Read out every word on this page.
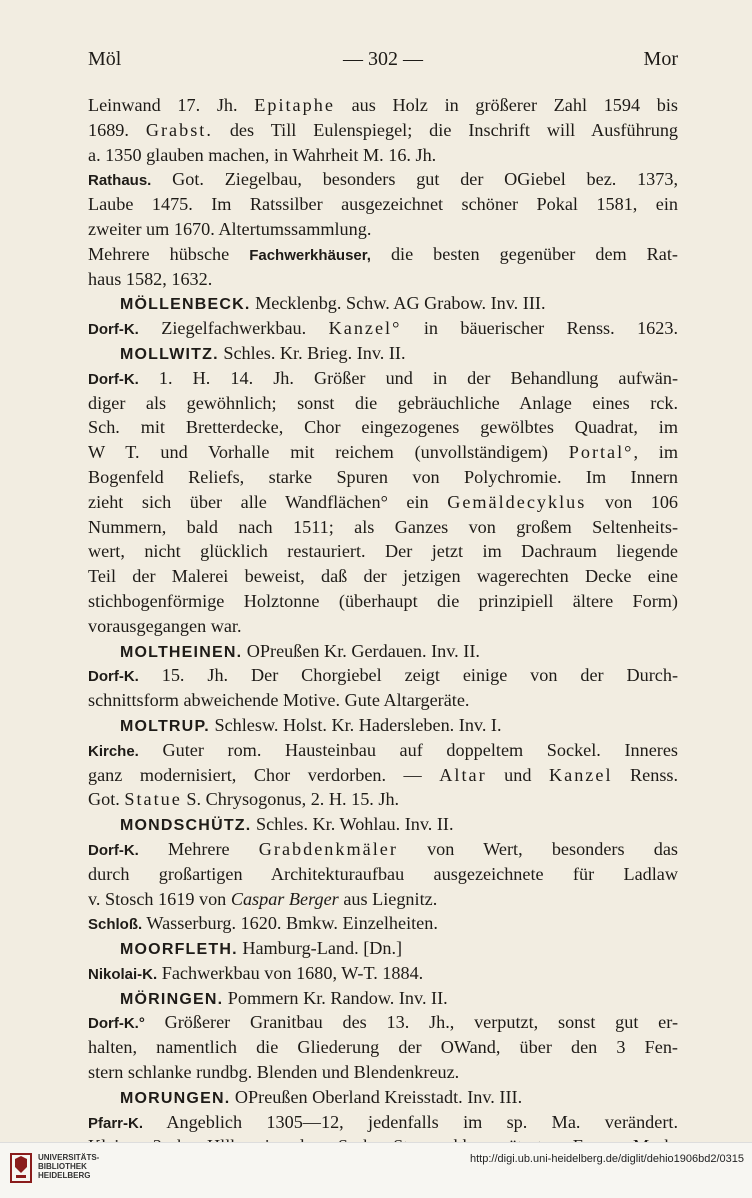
Möl	— 302 —	Mor
Leinwand 17. Jh. Epitaphe aus Holz in größerer Zahl 1594 bis
1689. Grabst. des Till Eulenspiegel; die Inschrift will Ausführung
a. 1350 glauben machen, in Wahrheit M. 16. Jh.
Rathaus. Got. Ziegelbau, besonders gut der OGiebel bez. 1373,
Laube 1475. Im Ratssilber ausgezeichnet schöner Pokal 1581, ein
zweiter um 1670. Altertumssammlung.
Mehrere hübsche Fachwerkhäuser, die besten gegenüber dem Rat-
haus 1582, 1632.
MÖLLENBECK. Mecklenbg. Schw. AG Grabow. Inv. III.
Dorf-K. Ziegelfachwerkbau. Kanzel° in bäuerischer Renss. 1623.
MOLLWITZ. Schles. Kr. Brieg. Inv. II.
Dorf-K. 1. H. 14. Jh. Größer und in der Behandlung aufwän-
diger als gewöhnlich; sonst die gebräuchliche Anlage eines rck.
Sch. mit Bretterdecke, Chor eingezogenes gewölbtes Quadrat, im
W T. und Vorhalle mit reichem (unvollständigem) Portal°, im
Bogenfeld Reliefs, starke Spuren von Polychromie. Im Innern
zieht sich über alle Wandflächen° ein Gemäldecyklus von 106
Nummern, bald nach 1511; als Ganzes von großem Seltenheits-
wert, nicht glücklich restauriert. Der jetzt im Dachraum liegende
Teil der Malerei beweist, daß der jetzigen wagerechten Decke eine
stichbogenförmige Holztonne (überhaupt die prinzipiell ältere Form)
vorausgegangen war.
MOLTHEINEN. OPreußen Kr. Gerdauen. Inv. II.
Dorf-K. 15. Jh. Der Chorgiebel zeigt einige von der Durch-
schnittsform abweichende Motive. Gute Altargeräte.
MOLTRUP. Schlesw. Holst. Kr. Hadersleben. Inv. I.
Kirche. Guter rom. Hausteinbau auf doppeltem Sockel. Inneres
ganz modernisiert, Chor verdorben. — Altar und Kanzel Renss.
Got. Statue S. Chrysogonus, 2. H. 15. Jh.
MONDSCHÜTZ. Schles. Kr. Wohlau. Inv. II.
Dorf-K. Mehrere Grabdenkmäler von Wert, besonders das
durch großartigen Architekturaufbau ausgezeichnete für Ladlaw
v. Stosch 1619 von Caspar Berger aus Liegnitz.
Schloß. Wasserburg. 1620. Bmkw. Einzelheiten.
MOORFLETH. Hamburg-Land. [Dn.]
Nikolai-K. Fachwerkbau von 1680, W-T. 1884.
MÖRINGEN. Pommern Kr. Randow. Inv. II.
Dorf-K.° Größerer Granitbau des 13. Jh., verputzt, sonst gut er-
halten, namentlich die Gliederung der OWand, über den 3 Fen-
stern schlanke rundbg. Blenden und Blendenkreuz.
MORUNGEN. OPreußen Oberland Kreisstadt. Inv. III.
Pfarr-K. Angeblich 1305—12, jedenfalls im sp. Ma. verändert.
UNIVERSITÄTS-
BIBLIOTHEK
HEIDELBERG
http://digi.ub.uni-heidelberg.de/diglit/dehio1906bd2/0315
